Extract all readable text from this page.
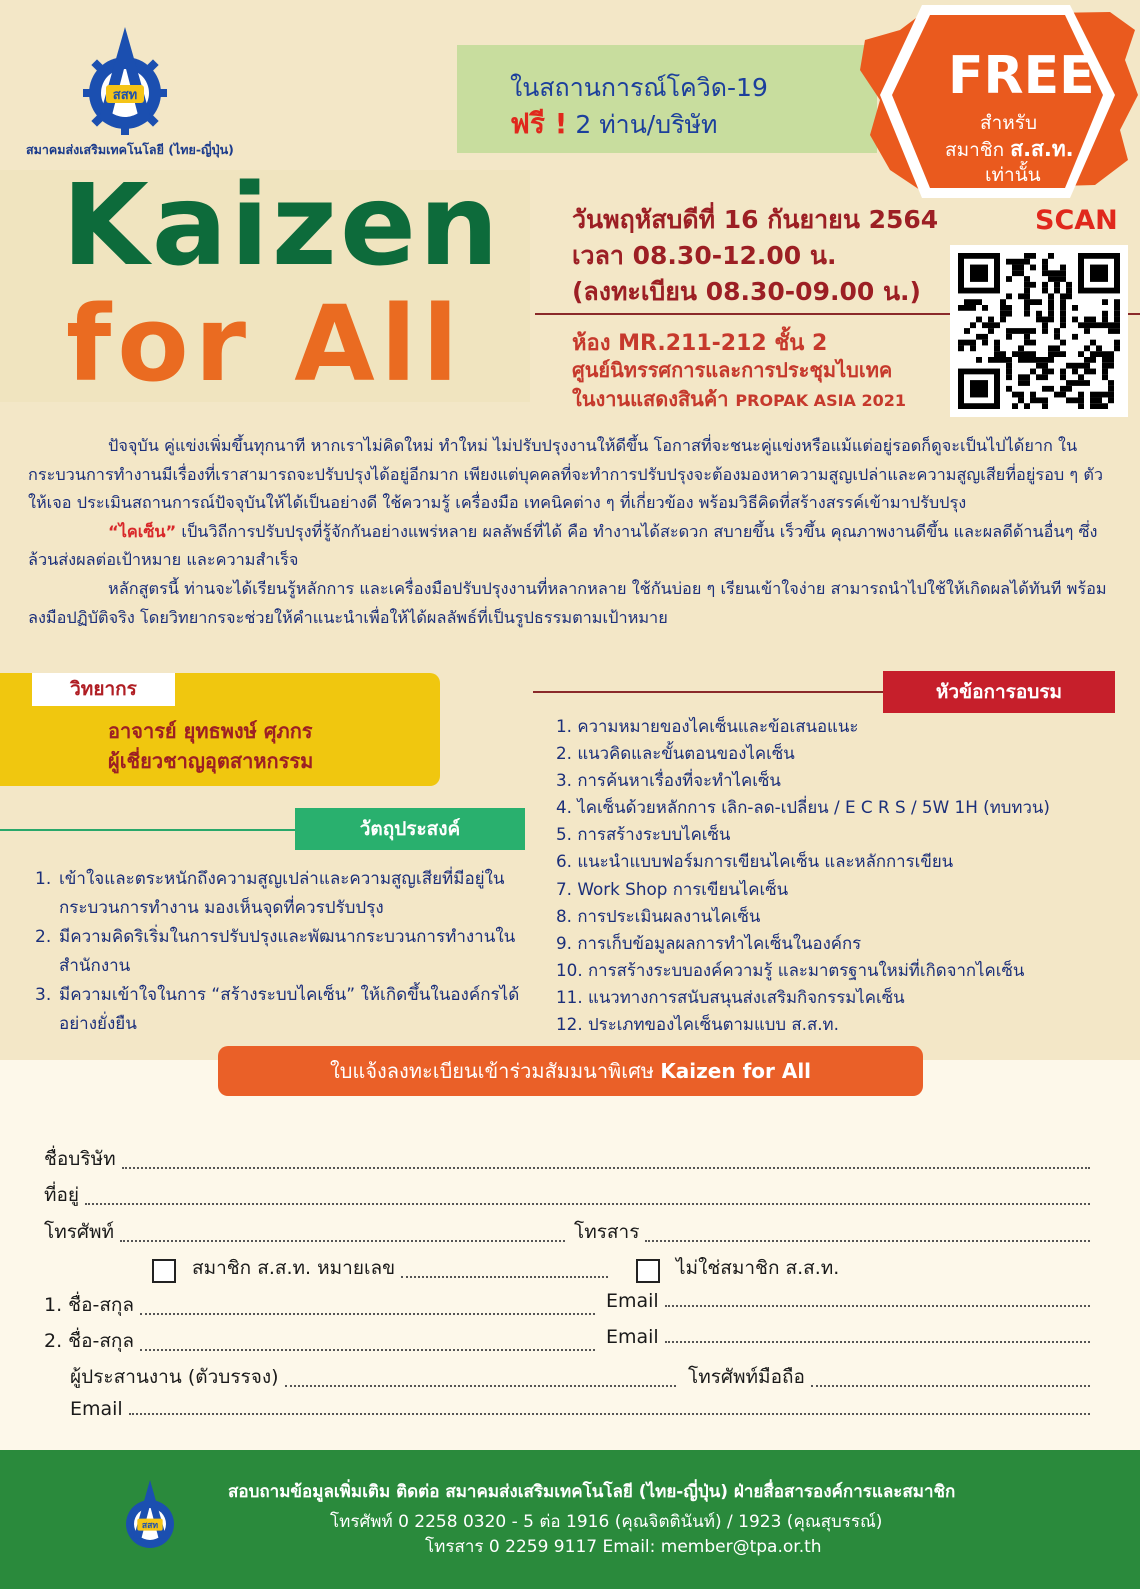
สสท
สมาคมส่งเสริมเทคโนโลยี (ไทย-ญี่ปุ่น)
ในสถานการณ์โควิด-19
ฟรี ! 2 ท่าน/บริษัท
FREE
สำหรับ
สมาชิก ส.ส.ท.
เท่านั้น
Kaizen
for All
วันพฤหัสบดีที่ 16 กันยายน 2564
เวลา 08.30-12.00 น.
(ลงทะเบียน 08.30-09.00 น.)
ห้อง MR.211-212 ชั้น 2
ศูนย์นิทรรศการและการประชุมไบเทค
ในงานแสดงสินค้า PROPAK ASIA 2021
SCAN

ปัจจุบัน คู่แข่งเพิ่มขึ้นทุกนาที หากเราไม่คิดใหม่ ทำใหม่ ไม่ปรับปรุงงานให้ดีขึ้น โอกาสที่จะชนะคู่แข่งหรือแม้แต่อยู่รอดก็ดูจะเป็นไปได้ยาก ในกระบวนการทำงานมีเรื่องที่เราสามารถจะปรับปรุงได้อยู่อีกมาก เพียงแต่บุคคลที่จะทำการปรับปรุงจะต้องมองหาความสูญเปล่าและความสูญเสียที่อยู่รอบ ๆ ตัวให้เจอ ประเมินสถานการณ์ปัจจุบันให้ได้เป็นอย่างดี ใช้ความรู้ เครื่องมือ เทคนิคต่าง ๆ ที่เกี่ยวข้อง พร้อมวิธีคิดที่สร้างสรรค์เข้ามาปรับปรุง

“ไคเซ็น” เป็นวิถีการปรับปรุงที่รู้จักกันอย่างแพร่หลาย ผลลัพธ์ที่ได้ คือ ทำงานได้สะดวก สบายขึ้น เร็วขึ้น คุณภาพงานดีขึ้น และผลดีด้านอื่นๆ ซึ่งล้วนส่งผลต่อเป้าหมาย และความสำเร็จ

หลักสูตรนี้ ท่านจะได้เรียนรู้หลักการ และเครื่องมือปรับปรุงงานที่หลากหลาย ใช้กันบ่อย ๆ เรียนเข้าใจง่าย สามารถนำไปใช้ให้เกิดผลได้ทันที พร้อมลงมือปฏิบัติจริง โดยวิทยากรจะช่วยให้คำแนะนำเพื่อให้ได้ผลลัพธ์ที่เป็นรูปธรรมตามเป้าหมาย

วิทยากร
อาจารย์ ยุทธพงษ์ ศุภกร
ผู้เชี่ยวชาญอุตสาหกรรม
วัตถุประสงค์
1. เข้าใจและตระหนักถึงความสูญเปล่าและความสูญเสียที่มีอยู่ในกระบวนการทำงาน มองเห็นจุดที่ควรปรับปรุง
2. มีความคิดริเริ่มในการปรับปรุงและพัฒนากระบวนการทำงานในสำนักงาน
3. มีความเข้าใจในการ “สร้างระบบไคเซ็น” ให้เกิดขึ้นในองค์กรได้อย่างยั่งยืน
หัวข้อการอบรม
1. ความหมายของไคเซ็นและข้อเสนอแนะ
2. แนวคิดและขั้นตอนของไคเซ็น
3. การค้นหาเรื่องที่จะทำไคเซ็น
4. ไคเซ็นด้วยหลักการ เลิก-ลด-เปลี่ยน / E C R S / 5W 1H (ทบทวน)
5. การสร้างระบบไคเซ็น
6. แนะนำแบบฟอร์มการเขียนไคเซ็น และหลักการเขียน
7. Work Shop การเขียนไคเซ็น
8. การประเมินผลงานไคเซ็น
9. การเก็บข้อมูลผลการทำไคเซ็นในองค์กร
10. การสร้างระบบองค์ความรู้ และมาตรฐานใหม่ที่เกิดจากไคเซ็น
11. แนวทางการสนับสนุนส่งเสริมกิจกรรมไคเซ็น
12. ประเภทของไคเซ็นตามแบบ ส.ส.ท.
ใบแจ้งลงทะเบียนเข้าร่วมสัมมนาพิเศษ Kaizen for All
ชื่อบริษัท
ที่อยู่
โทรศัพท์	โทรสาร
สมาชิก ส.ส.ท. หมายเลข	ไม่ใช่สมาชิก ส.ส.ท.
1. ชื่อ-สกุล	Email
2. ชื่อ-สกุล	Email
ผู้ประสานงาน (ตัวบรรจง)	โทรศัพท์มือถือ
Email
สสท
สอบถามข้อมูลเพิ่มเติม ติดต่อ สมาคมส่งเสริมเทคโนโลยี (ไทย-ญี่ปุ่น) ฝ่ายสื่อสารองค์การและสมาชิก
โทรศัพท์ 0 2258 0320 - 5 ต่อ 1916 (คุณจิตตินันท์) / 1923 (คุณสุบรรณ์)
โทรสาร 0 2259 9117 Email: member@tpa.or.th
